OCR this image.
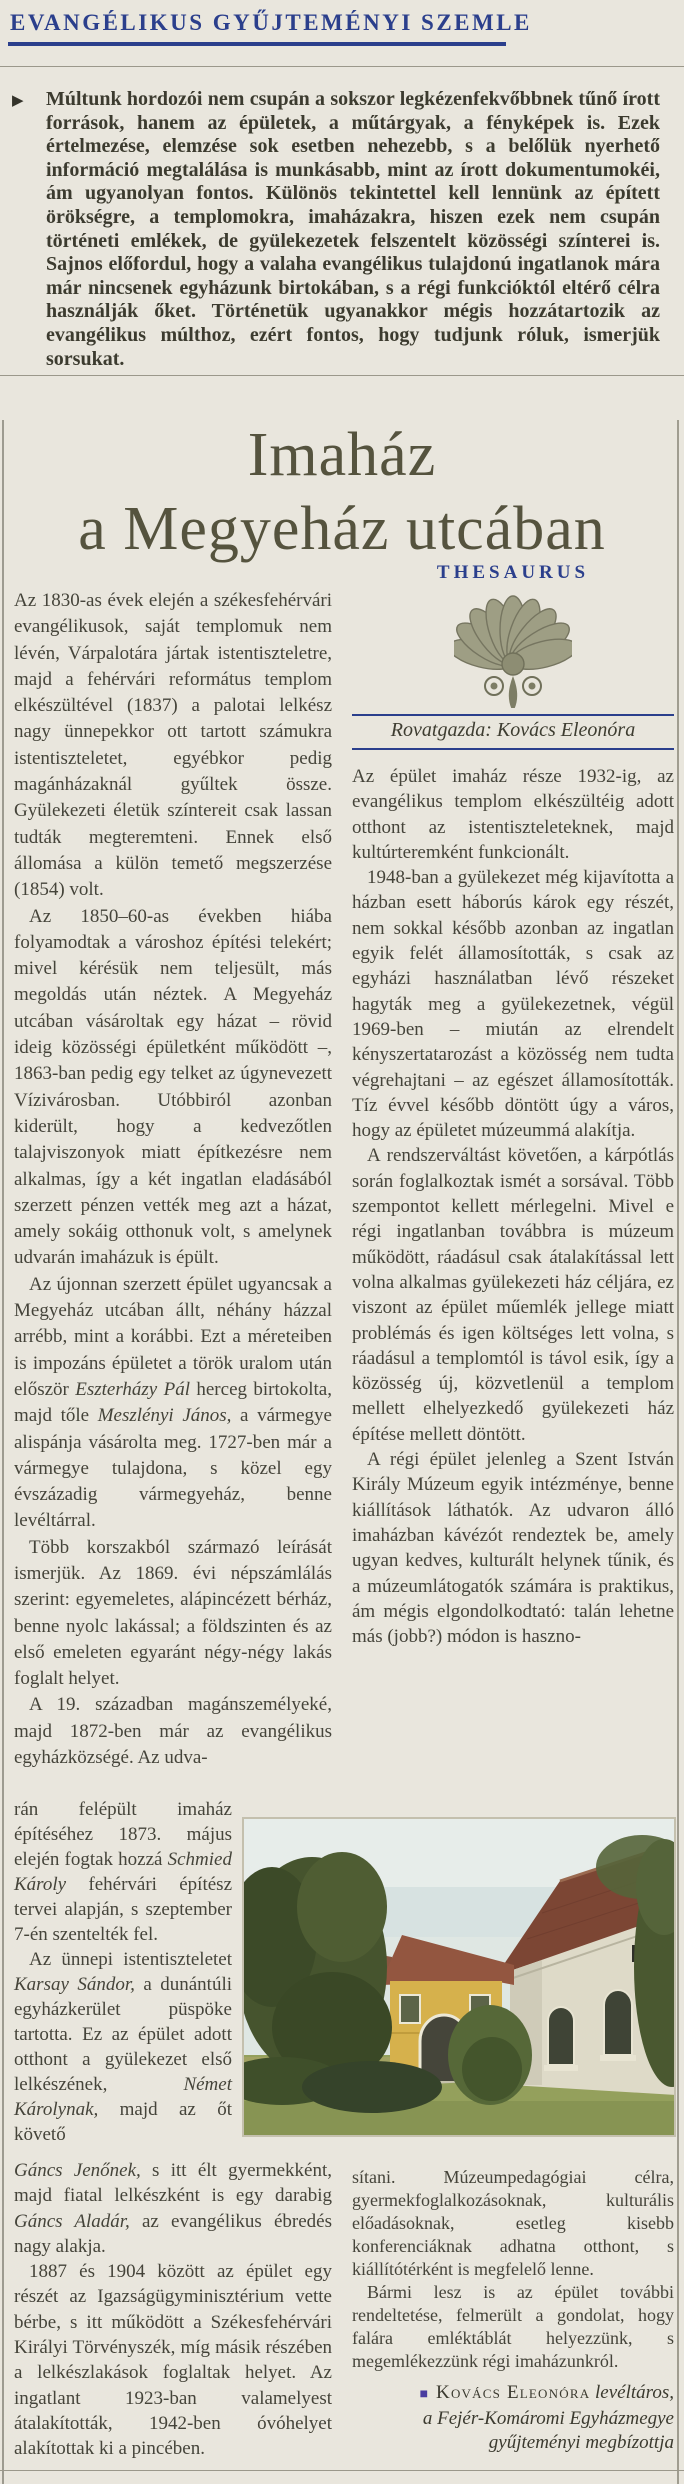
EVANGÉLIKUS GYŰJTEMÉNYI SZEMLE
▶ Múltunk hordozói nem csupán a sokszor legkézenfekvőbbnek tűnő írott források, hanem az épületek, a műtárgyak, a fényképek is. Ezek értelmezése, elemzése sok esetben nehezebb, s a belőlük nyerhető információ megtalálása is munkásabb, mint az írott dokumentumokéi, ám ugyanolyan fontos. Különös tekintettel kell lennünk az épített örökségre, a templomokra, imaházakra, hiszen ezek nem csupán történeti emlékek, de gyülekezetek felszentelt közösségi színterei is. Sajnos előfordul, hogy a valaha evangélikus tulajdonú ingatlanok mára már nincsenek egyházunk birtokában, s a régi funkcióktól eltérő célra használják őket. Történetük ugyanakkor mégis hozzátartozik az evangélikus múlthoz, ezért fontos, hogy tudjunk róluk, ismerjük sorsukat.
Imaház
a Megyeház utcában

Az 1830-as évek elején a székesfehérvári evangélikusok, saját templomuk nem lévén, Várpalotára jártak istentiszteletre, majd a fehérvári református templom elkészültével (1837) a palotai lelkész nagy ünnepekkor ott tartott számukra istentiszteletet, egyébkor pedig magánházaknál gyűltek össze. Gyülekezeti életük színtereit csak lassan tudták megteremteni. Ennek első állomása a külön temető megszerzése (1854) volt.

Az 1850–60-as években hiába folyamodtak a városhoz építési telekért; mivel kérésük nem teljesült, más megoldás után néztek. A Megyeház utcában vásároltak egy házat – rövid ideig közösségi épületként működött –, 1863-ban pedig egy telket az úgynevezett Vízivárosban. Utóbbiról azonban kiderült, hogy a kedvezőtlen talajviszonyok miatt építkezésre nem alkalmas, így a két ingatlan eladásából szerzett pénzen vették meg azt a házat, amely sokáig otthonuk volt, s amelynek udvarán imaházuk is épült.

Az újonnan szerzett épület ugyancsak a Megyeház utcában állt, néhány házzal arrébb, mint a korábbi. Ezt a méreteiben is impozáns épületet a török uralom után először Eszterházy Pál herceg birtokolta, majd tőle Meszlényi János, a vármegye alispánja vásárolta meg. 1727-ben már a vármegye tulajdona, s közel egy évszázadig vármegyeház, benne levéltárral.

Több korszakból származó leírását ismerjük. Az 1869. évi népszámlálás szerint: egyemeletes, alápincézett bérház, benne nyolc lakással; a földszinten és az első emeleten egyaránt négy-négy lakás foglalt helyet.

A 19. században magánszemélyeké, majd 1872-ben már az evangélikus egyházközségé. Az udva-

rán felépült imaház építéséhez 1873. május elején fogtak hozzá Schmied Károly fehérvári építész tervei alapján, s szeptember 7-én szentelték fel.

Az ünnepi istentiszteletet Karsay Sándor, a dunántúli egyházkerület püspöke tartotta. Ez az épület adott otthont a gyülekezet első lelkészének, Német Károlynak, majd az őt követő

Gáncs Jenőnek, s itt élt gyermekként, majd fiatal lelkészként is egy darabig Gáncs Aladár, az evangélikus ébredés nagy alakja.

1887 és 1904 között az épület egy részét az Igazságügyminisztérium vette bérbe, s itt működött a Székesfehérvári Királyi Törvényszék, míg másik részében a lelkészlakások foglaltak helyet. Az ingatlant 1923-ban valamelyest átalakították, 1942-ben óvóhelyet alakítottak ki a pincében.

THESAURUS
Rovatgazda: Kovács Eleonóra

Az épület imaház része 1932-ig, az evangélikus templom elkészültéig adott otthont az istentiszteleteknek, majd kultúrteremként funkcionált.

1948-ban a gyülekezet még kijavította a házban esett háborús károk egy részét, nem sokkal később azonban az ingatlan egyik felét államosították, s csak az egyházi használatban lévő részeket hagyták meg a gyülekezetnek, végül 1969-ben – miután az elrendelt kényszertatarozást a közösség nem tudta végrehajtani – az egészet államosították. Tíz évvel később döntött úgy a város, hogy az épületet múzeummá alakítja.

A rendszerváltást követően, a kárpótlás során foglalkoztak ismét a sorsával. Több szempontot kellett mérlegelni. Mivel e régi ingatlanban továbbra is múzeum működött, ráadásul csak átalakítással lett volna alkalmas gyülekezeti ház céljára, ez viszont az épület műemlék jellege miatt problémás és igen költséges lett volna, s ráadásul a templomtól is távol esik, így a közösség új, közvetlenül a templom mellett elhelyezkedő gyülekezeti ház építése mellett döntött.

A régi épület jelenleg a Szent István Király Múzeum egyik intézménye, benne kiállítások láthatók. Az udvaron álló imaházban kávézót rendeztek be, amely ugyan kedves, kulturált helynek tűnik, és a múzeumlátogatók számára is praktikus, ám mégis elgondolkodtató: talán lehetne más (jobb?) módon is haszno-

sítani. Múzeumpedagógiai célra, gyermekfoglalkozásoknak, kulturális előadásoknak, esetleg kisebb konferenciáknak adhatna otthont, s kiállítótérként is megfelelő lenne.

Bármi lesz is az épület további rendeltetése, felmerült a gondolat, hogy falára emléktáblát helyezzünk, s megemlékezzünk régi imaházunkról.

■ Kovács Eleonóra levéltáros,
a Fejér-Komáromi Egyházmegye
gyűjteményi megbízottja
